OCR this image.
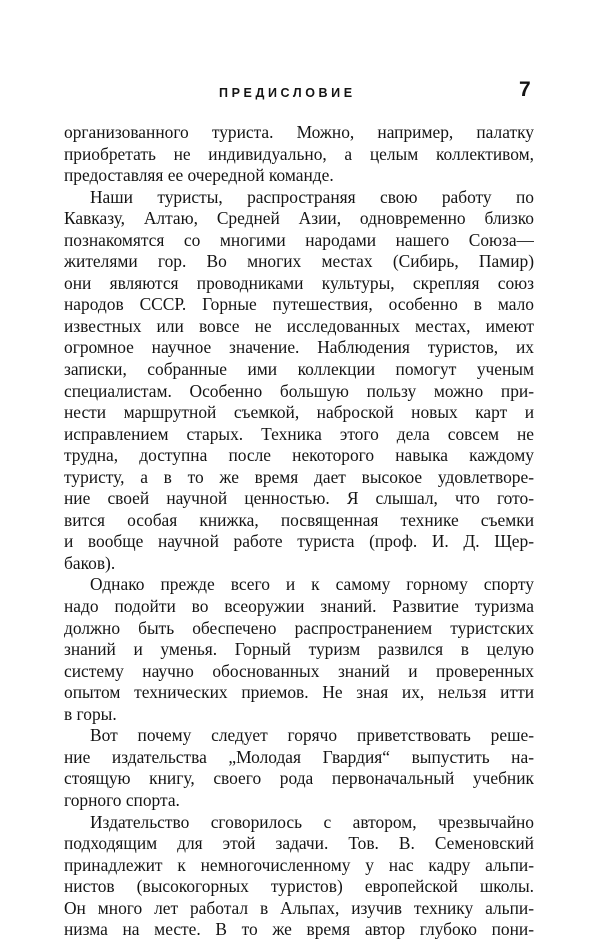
ПРЕДИСЛОВИЕ	7
организованного туриста. Можно, например, палатку
приобретать не индивидуально, а целым коллективом,
предоставляя ее очередной команде.
Наши туристы, распространяя свою работу по
Кавказу, Алтаю, Средней Азии, одновременно близко
познакомятся со многими народами нашего Союза—
жителями гор. Во многих местах (Сибирь, Памир)
они являются проводниками культуры, скрепляя союз
народов СССР. Горные путешествия, особенно в мало
известных или вовсе не исследованных местах, имеют
огромное научное значение. Наблюдения туристов, их
записки, собранные ими коллекции помогут ученым
специалистам. Особенно большую пользу можно при-
нести маршрутной съемкой, наброской новых карт и
исправлением старых. Техника этого дела совсем не
трудна, доступна после некоторого навыка каждому
туристу, а в то же время дает высокое удовлетворе-
ние своей научной ценностью. Я слышал, что гото-
вится особая книжка, посвященная технике съемки
и вообще научной работе туриста (проф. И. Д. Щер-
баков).
Однако прежде всего и к самому горному спорту
надо подойти во всеоружии знаний. Развитие туризма
должно быть обеспечено распространением туристских
знаний и уменья. Горный туризм развился в целую
систему научно обоснованных знаний и проверенных
опытом технических приемов. Не зная их, нельзя итти
в горы.
Вот почему следует горячо приветствовать реше-
ние издательства „Молодая Гвардия“ выпустить на-
стоящую книгу, своего рода первоначальный учебник
горного спорта.
Издательство сговорилось с автором, чрезвычайно
подходящим для этой задачи. Тов. В. Семеновский
принадлежит к немногочисленному у нас кадру альпи-
нистов (высокогорных туристов) европейской школы.
Он много лет работал в Альпах, изучив технику альпи-
низма на месте. В то же время автор глубоко пони-
